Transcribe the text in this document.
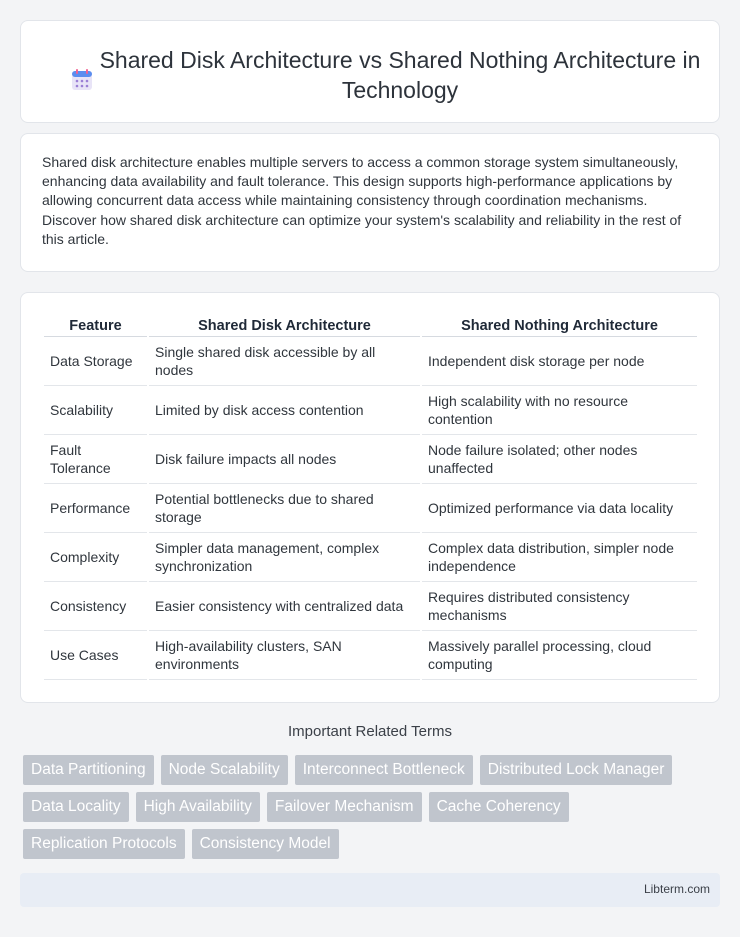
Shared Disk Architecture vs Shared Nothing Architecture in Technology

Shared disk architecture enables multiple servers to access a common storage system simultaneously, enhancing data availability and fault tolerance. This design supports high-performance applications by allowing concurrent data access while maintaining consistency through coordination mechanisms. Discover how shared disk architecture can optimize your system's scalability and reliability in the rest of this article.

Feature	Shared Disk Architecture	Shared Nothing Architecture
Data Storage	Single shared disk accessible by all nodes	Independent disk storage per node
Scalability	Limited by disk access contention	High scalability with no resource contention
Fault Tolerance	Disk failure impacts all nodes	Node failure isolated; other nodes unaffected
Performance	Potential bottlenecks due to shared storage	Optimized performance via data locality
Complexity	Simpler data management, complex synchronization	Complex data distribution, simpler node independence
Consistency	Easier consistency with centralized data	Requires distributed consistency mechanisms
Use Cases	High-availability clusters, SAN environments	Massively parallel processing, cloud computing
Important Related Terms
Data Partitioning	Node Scalability	Interconnect Bottleneck	Distributed Lock Manager
Data Locality	High Availability	Failover Mechanism	Cache Coherency
Replication Protocols	Consistency Model
Libterm.com
